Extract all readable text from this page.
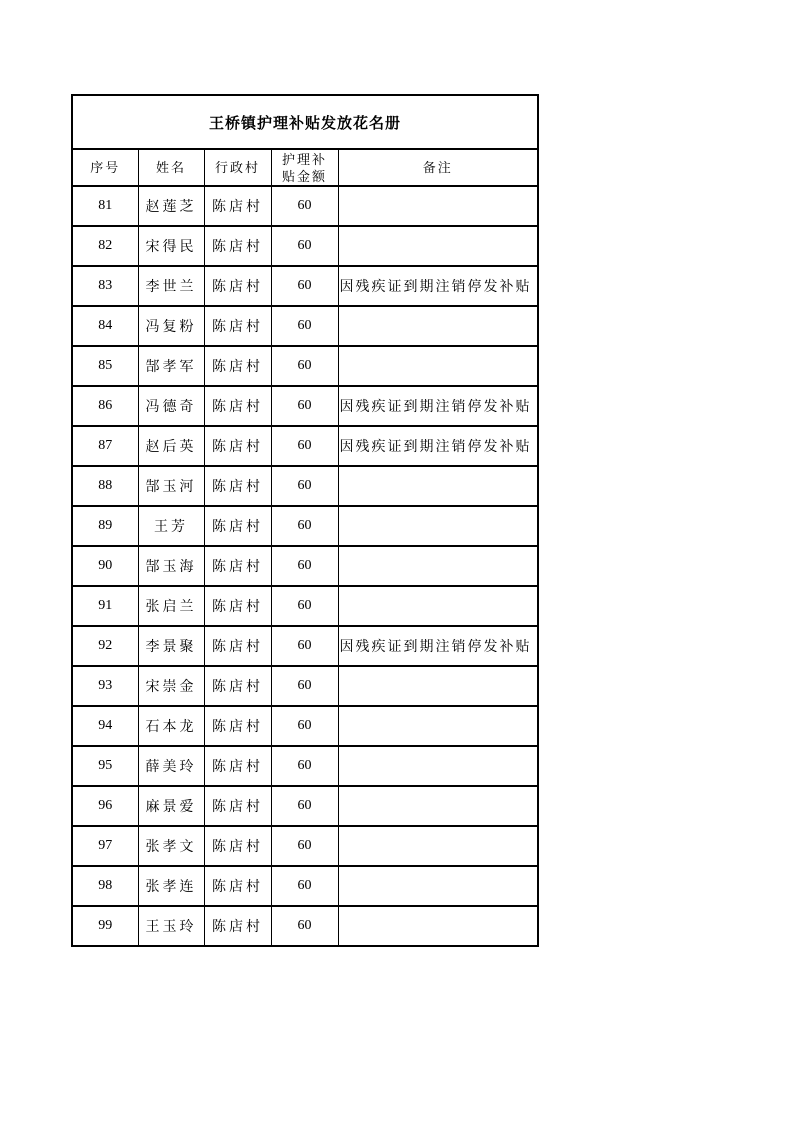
王桥镇护理补贴发放花名册				
序号	姓名	行政村	护理补贴金额	备注
81	赵莲芝	陈店村	60	
82	宋得民	陈店村	60	
83	李世兰	陈店村	60	因残疾证到期注销停发补贴
84	冯复粉	陈店村	60	
85	郜孝军	陈店村	60	
86	冯德奇	陈店村	60	因残疾证到期注销停发补贴
87	赵后英	陈店村	60	因残疾证到期注销停发补贴
88	郜玉河	陈店村	60	
89	王芳	陈店村	60	
90	郜玉海	陈店村	60	
91	张启兰	陈店村	60	
92	李景聚	陈店村	60	因残疾证到期注销停发补贴
93	宋崇金	陈店村	60	
94	石本龙	陈店村	60	
95	薛美玲	陈店村	60	
96	麻景爱	陈店村	60	
97	张孝文	陈店村	60	
98	张孝连	陈店村	60	
99	王玉玲	陈店村	60	
